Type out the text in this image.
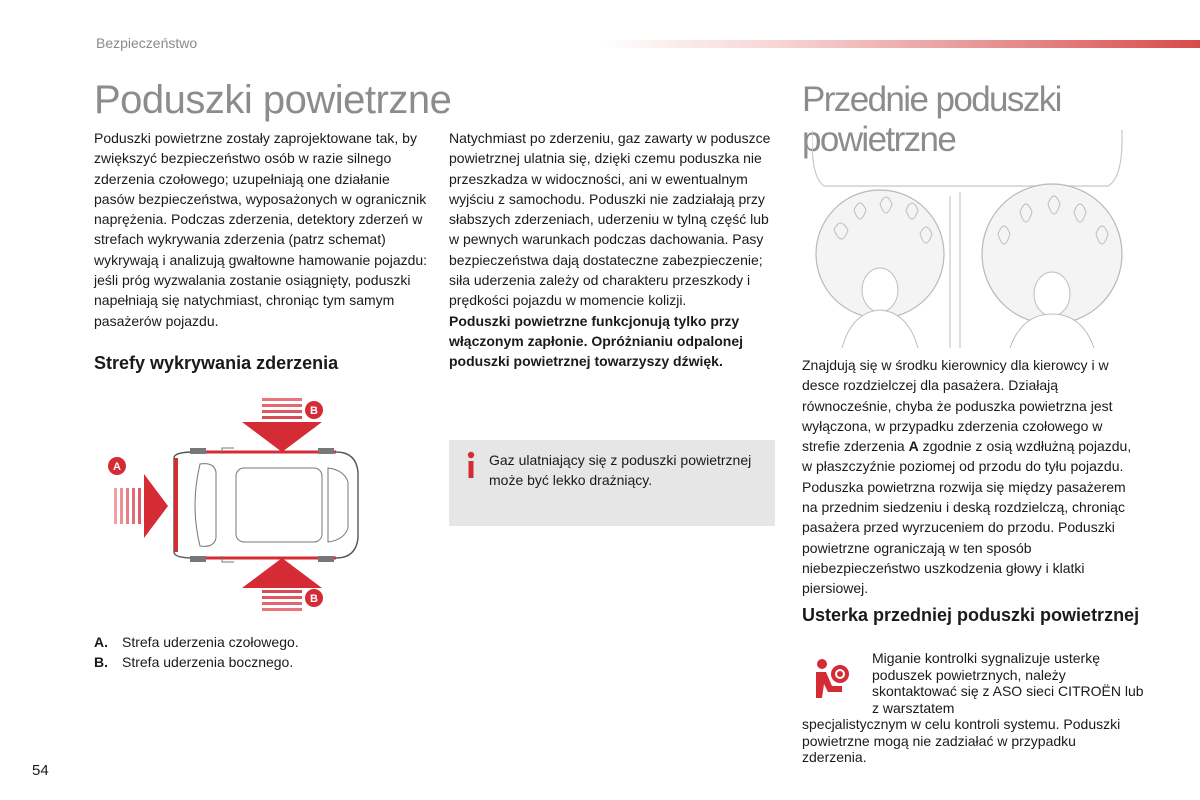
Bezpieczeństwo
Poduszki powietrzne

Poduszki powietrzne zostały zaprojektowane tak, by zwiększyć bezpieczeństwo osób w razie silnego zderzenia czołowego; uzupełniają one działanie pasów bezpieczeństwa, wyposażonych w ogranicznik naprężenia. Podczas zderzenia, detektory zderzeń w strefach wykrywania zderzenia (patrz schemat) wykrywają i analizują gwałtowne hamowanie pojazdu: jeśli próg wyzwalania zostanie osiągnięty, poduszki napełniają się natychmiast, chroniąc tym samym pasażerów pojazdu.

Natychmiast po zderzeniu, gaz zawarty w poduszce powietrznej ulatnia się, dzięki czemu poduszka nie przeszkadza w widoczności, ani w ewentualnym wyjściu z samochodu. Poduszki nie zadziałają przy słabszych zderzeniach, uderzeniu w tylną część lub w pewnych warunkach podczas dachowania. Pasy bezpieczeństwa dają dostateczne zabezpieczenie; siła uderzenia zależy od charakteru przeszkody i prędkości pojazdu w momencie kolizji.

Poduszki powietrzne funkcjonują tylko przy włączonym zapłonie. Opróżnianiu odpalonej poduszki powietrznej towarzyszy dźwięk.

Strefy wykrywania zderzenia
B
A
B
Gaz ulatniający się z poduszki powietrznej może być lekko drażniący.
A. Strefa uderzenia czołowego.
B. Strefa uderzenia bocznego.
54
Przednie poduszki powietrzne

Znajdują się w środku kierownicy dla kierowcy i w desce rozdzielczej dla pasażera. Działają równocześnie, chyba że poduszka powietrzna jest wyłączona, w przypadku zderzenia czołowego w strefie zderzenia A zgodnie z osią wzdłużną pojazdu, w płaszczyźnie poziomej od przodu do tyłu pojazdu. Poduszka powietrzna rozwija się między pasażerem na przednim siedzeniu i deską rozdzielczą, chroniąc pasażera przed wyrzuceniem do przodu. Poduszki powietrzne ograniczają w ten sposób niebezpieczeństwo uszkodzenia głowy i klatki piersiowej.

Usterka przedniej poduszki powietrznej
Miganie kontrolki sygnalizuje usterkę poduszek powietrznych, należy skontaktować się z ASO sieci CITROËN lub z warsztatem
specjalistycznym w celu kontroli systemu. Poduszki powietrzne mogą nie zadziałać w przypadku zderzenia.
